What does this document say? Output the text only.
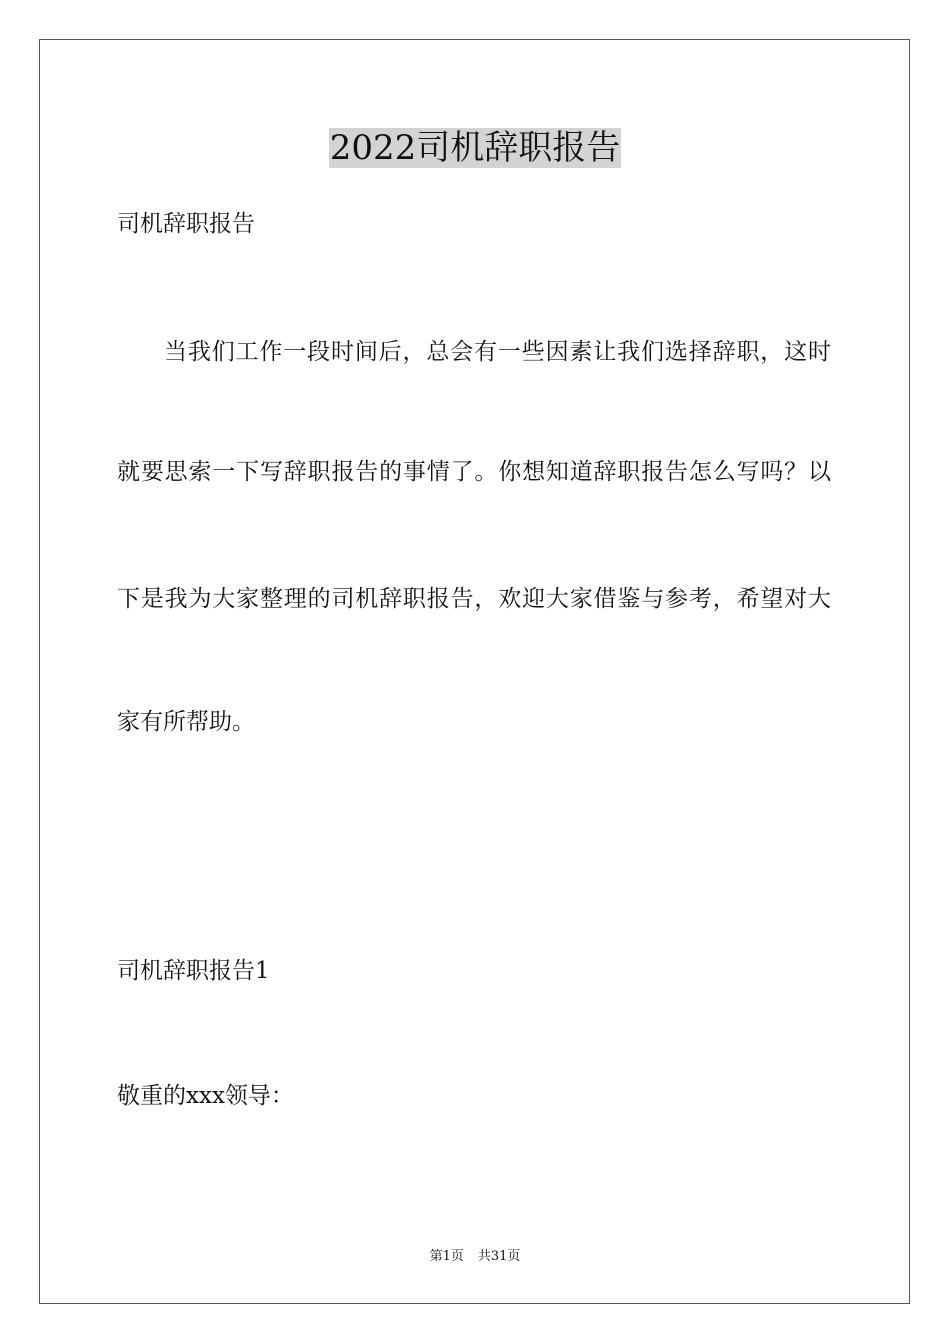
2022司机辞职报告
司机辞职报告
当我们工作一段时间后，总会有一些因素让我们选择辞职，这时
就要思索一下写辞职报告的事情了。你想知道辞职报告怎么写吗？以
下是我为大家整理的司机辞职报告，欢迎大家借鉴与参考，希望对大
家有所帮助。
司机辞职报告1
敬重的xxx领导：
第1页 共31页
